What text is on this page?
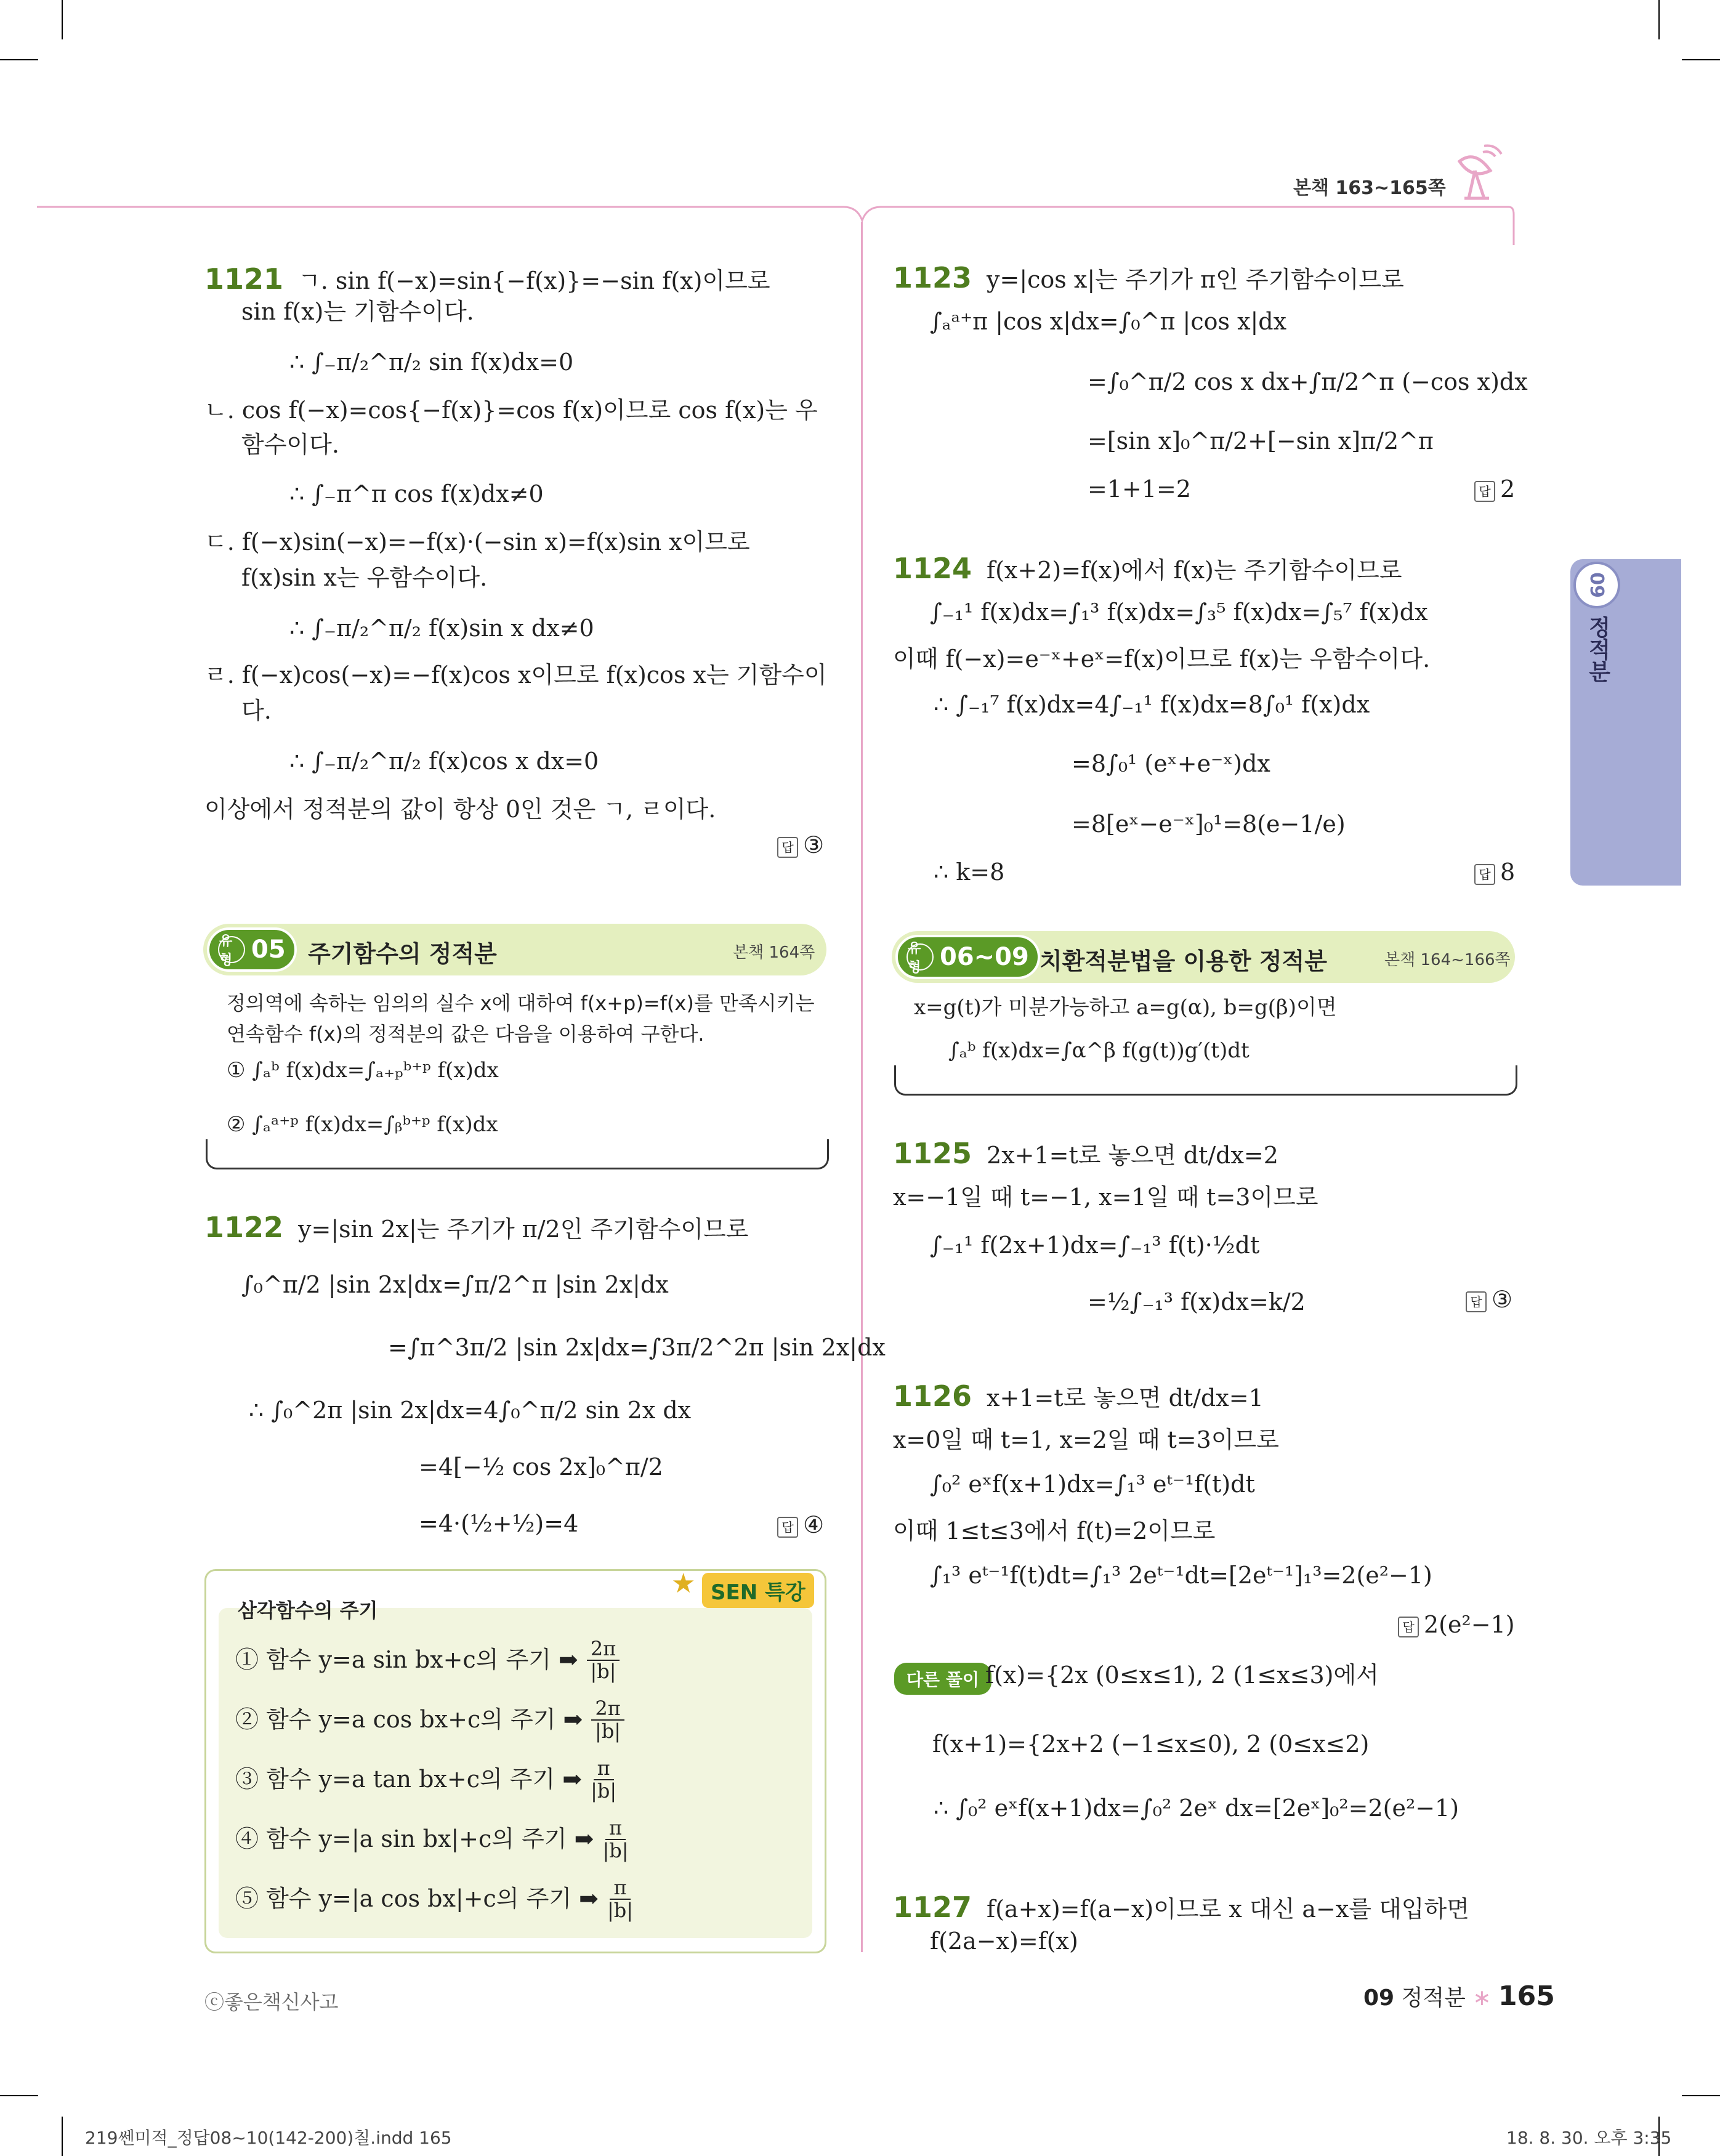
본책 163~165쪽
09
정적분
1121 ㄱ. sin f(−x)=sin{−f(x)}=−sin f(x)이므로
sin f(x)는 기함수이다.
∴ ∫₋π/₂^π/₂ sin f(x)dx=0
ㄴ. cos f(−x)=cos{−f(x)}=cos f(x)이므로 cos f(x)는 우
함수이다.
∴ ∫₋π^π cos f(x)dx≠0
ㄷ. f(−x)sin(−x)=−f(x)·(−sin x)=f(x)sin x이므로
f(x)sin x는 우함수이다.
∴ ∫₋π/₂^π/₂ f(x)sin x dx≠0
ㄹ. f(−x)cos(−x)=−f(x)cos x이므로 f(x)cos x는 기함수이
다.
∴ ∫₋π/₂^π/₂ f(x)cos x dx=0
이상에서 정적분의 값이 항상 0인 것은 ㄱ, ㄹ이다.
답 ③
유형 05 주기함수의 정적분	본책 164쪽
정의역에 속하는 임의의 실수 x에 대하여 f(x+p)=f(x)를 만족시키는
연속함수 f(x)의 정적분의 값은 다음을 이용하여 구한다.
① ∫ₐᵇ f(x)dx=∫ₐ₊ₚᵇ⁺ᵖ f(x)dx
② ∫ₐᵃ⁺ᵖ f(x)dx=∫ᵦᵇ⁺ᵖ f(x)dx
1122 y=|sin 2x|는 주기가 π/2인 주기함수이므로
∫₀^π/2 |sin 2x|dx=∫π/2^π |sin 2x|dx
=∫π^3π/2 |sin 2x|dx=∫3π/2^2π |sin 2x|dx
∴ ∫₀^2π |sin 2x|dx=4∫₀^π/2 sin 2x dx
=4[−½ cos 2x]₀^π/2
=4·(½+½)=4	답 ④
★ SEN 특강
삼각함수의 주기
① 함수 y=a sin bx+c의 주기 ➡ $\frac{2\pi}{|b|}$
② 함수 y=a cos bx+c의 주기 ➡ $\frac{2\pi}{|b|}$
③ 함수 y=a tan bx+c의 주기 ➡ $\frac{\pi}{|b|}$
④ 함수 y=|a sin bx|+c의 주기 ➡ $\frac{\pi}{|b|}$
⑤ 함수 y=|a cos bx|+c의 주기 ➡ $\frac{\pi}{|b|}$
1123 y=|cos x|는 주기가 π인 주기함수이므로
∫ₐᵃ⁺π |cos x|dx=∫₀^π |cos x|dx
=∫₀^π/2 cos x dx+∫π/2^π (−cos x)dx
=[sin x]₀^π/2+[−sin x]π/2^π
=1+1=2	답 2
1124 f(x+2)=f(x)에서 f(x)는 주기함수이므로
∫₋₁¹ f(x)dx=∫₁³ f(x)dx=∫₃⁵ f(x)dx=∫₅⁷ f(x)dx
이때 f(−x)=e⁻ˣ+eˣ=f(x)이므로 f(x)는 우함수이다.
∴ ∫₋₁⁷ f(x)dx=4∫₋₁¹ f(x)dx=8∫₀¹ f(x)dx
=8∫₀¹ (eˣ+e⁻ˣ)dx
=8[eˣ−e⁻ˣ]₀¹=8(e−1/e)
∴ k=8	답 8
유형 06~09 치환적분법을 이용한 정적분	본책 164~166쪽
x=g(t)가 미분가능하고 a=g(α), b=g(β)이면
∫ₐᵇ f(x)dx=∫α^β f(g(t))g′(t)dt
1125 2x+1=t로 놓으면 dt/dx=2
x=−1일 때 t=−1, x=1일 때 t=3이므로
∫₋₁¹ f(2x+1)dx=∫₋₁³ f(t)·½dt
=½∫₋₁³ f(x)dx=k/2	답 ③
1126 x+1=t로 놓으면 dt/dx=1
x=0일 때 t=1, x=2일 때 t=3이므로
∫₀² eˣf(x+1)dx=∫₁³ eᵗ⁻¹f(t)dt
이때 1≤t≤3에서 f(t)=2이므로
∫₁³ eᵗ⁻¹f(t)dt=∫₁³ 2eᵗ⁻¹dt=[2eᵗ⁻¹]₁³=2(e²−1)
답 2(e²−1)
다른 풀이 f(x)={2x (0≤x≤1), 2 (1≤x≤3)에서
f(x+1)={2x+2 (−1≤x≤0), 2 (0≤x≤2)
∴ ∫₀² eˣf(x+1)dx=∫₀² 2eˣ dx=[2eˣ]₀²=2(e²−1)
1127 f(a+x)=f(a−x)이므로 x 대신 a−x를 대입하면
f(2a−x)=f(x)
ⓒ좋은책신사고	09 정적분 ∗ 165
219쎈미적_정답08~10(142-200)칠.indd 165	18. 8. 30. 오후 3:35
